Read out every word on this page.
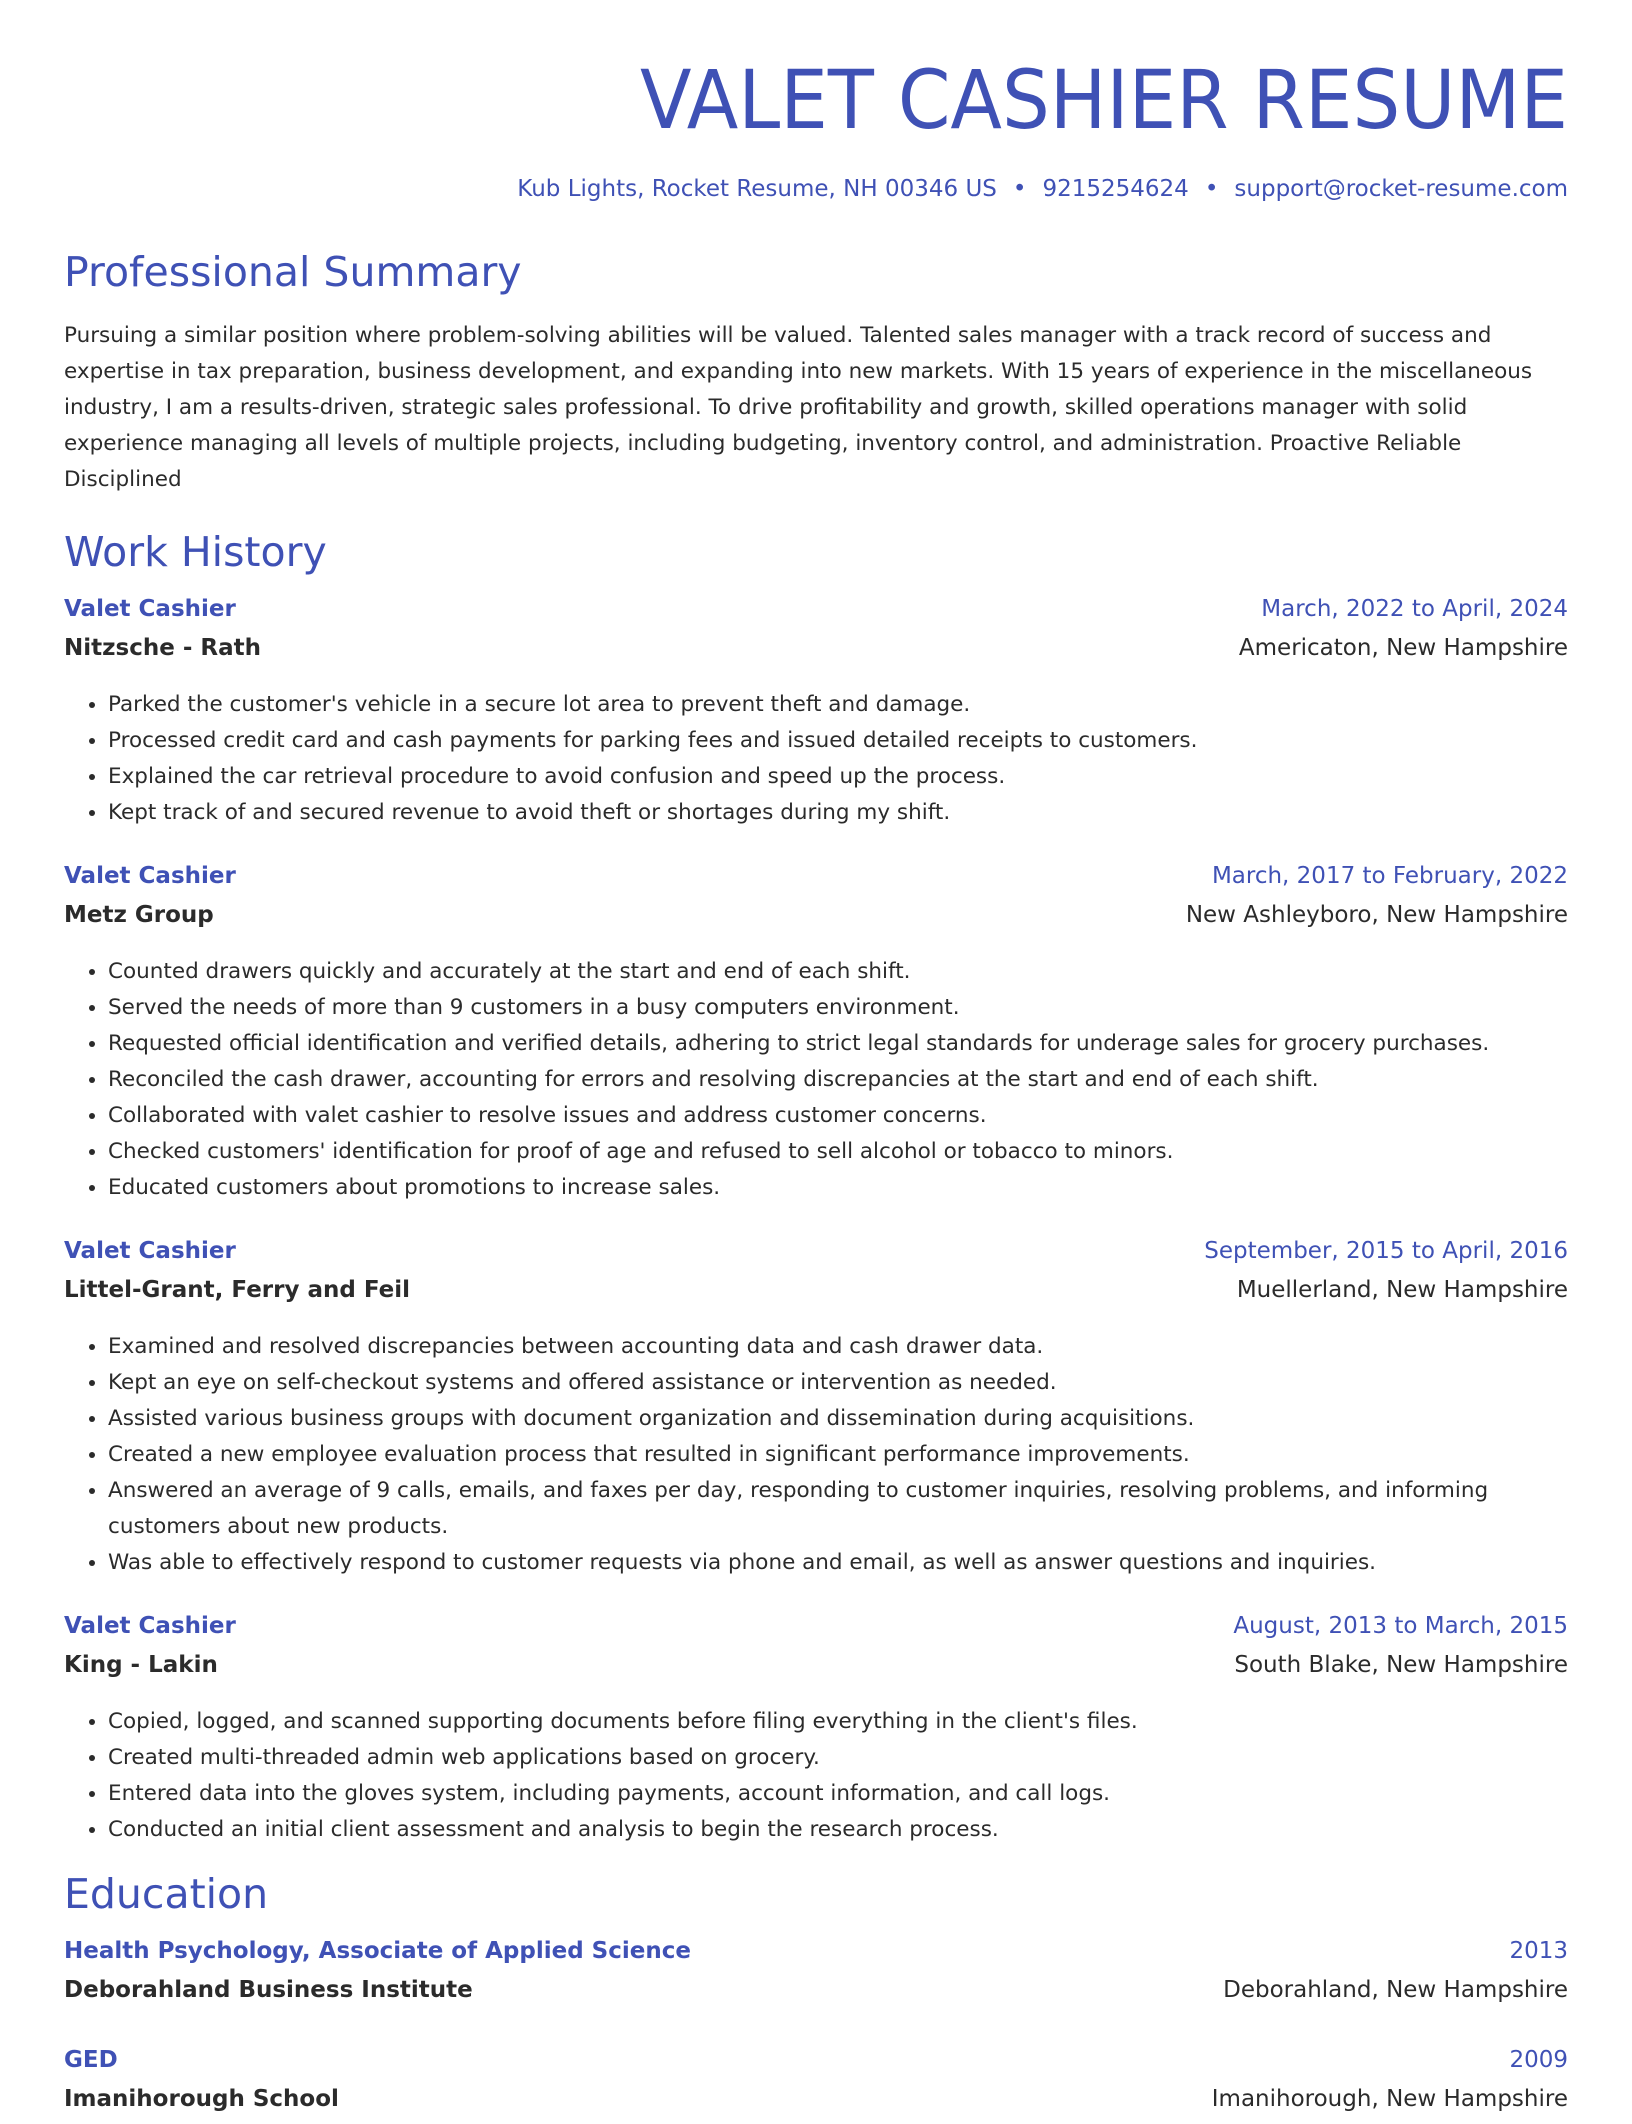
VALET CASHIER RESUME
Kub Lights, Rocket Resume, NH 00346 US • 9215254624 • support@rocket-resume.com
Professional Summary
Pursuing a similar position where problem-solving abilities will be valued. Talented sales manager with a track record of success and expertise in tax preparation, business development, and expanding into new markets. With 15 years of experience in the miscellaneous industry, I am a results-driven, strategic sales professional. To drive profitability and growth, skilled operations manager with solid experience managing all levels of multiple projects, including budgeting, inventory control, and administration. Proactive Reliable Disciplined
Work History
Valet Cashier	March, 2022 to April, 2024
Nitzsche - Rath	Americaton, New Hampshire
• Parked the customer's vehicle in a secure lot area to prevent theft and damage.
• Processed credit card and cash payments for parking fees and issued detailed receipts to customers.
• Explained the car retrieval procedure to avoid confusion and speed up the process.
• Kept track of and secured revenue to avoid theft or shortages during my shift.
Valet Cashier	March, 2017 to February, 2022
Metz Group	New Ashleyboro, New Hampshire
• Counted drawers quickly and accurately at the start and end of each shift.
• Served the needs of more than 9 customers in a busy computers environment.
• Requested official identification and verified details, adhering to strict legal standards for underage sales for grocery purchases.
• Reconciled the cash drawer, accounting for errors and resolving discrepancies at the start and end of each shift.
• Collaborated with valet cashier to resolve issues and address customer concerns.
• Checked customers' identification for proof of age and refused to sell alcohol or tobacco to minors.
• Educated customers about promotions to increase sales.
Valet Cashier	September, 2015 to April, 2016
Littel-Grant, Ferry and Feil	Muellerland, New Hampshire
• Examined and resolved discrepancies between accounting data and cash drawer data.
• Kept an eye on self-checkout systems and offered assistance or intervention as needed.
• Assisted various business groups with document organization and dissemination during acquisitions.
• Created a new employee evaluation process that resulted in significant performance improvements.
• Answered an average of 9 calls, emails, and faxes per day, responding to customer inquiries, resolving problems, and informing customers about new products.
• Was able to effectively respond to customer requests via phone and email, as well as answer questions and inquiries.
Valet Cashier	August, 2013 to March, 2015
King - Lakin	South Blake, New Hampshire
• Copied, logged, and scanned supporting documents before filing everything in the client's files.
• Created multi-threaded admin web applications based on grocery.
• Entered data into the gloves system, including payments, account information, and call logs.
• Conducted an initial client assessment and analysis to begin the research process.
Education
Health Psychology, Associate of Applied Science	2013
Deborahland Business Institute	Deborahland, New Hampshire
GED	2009
Imanihorough School	Imanihorough, New Hampshire
